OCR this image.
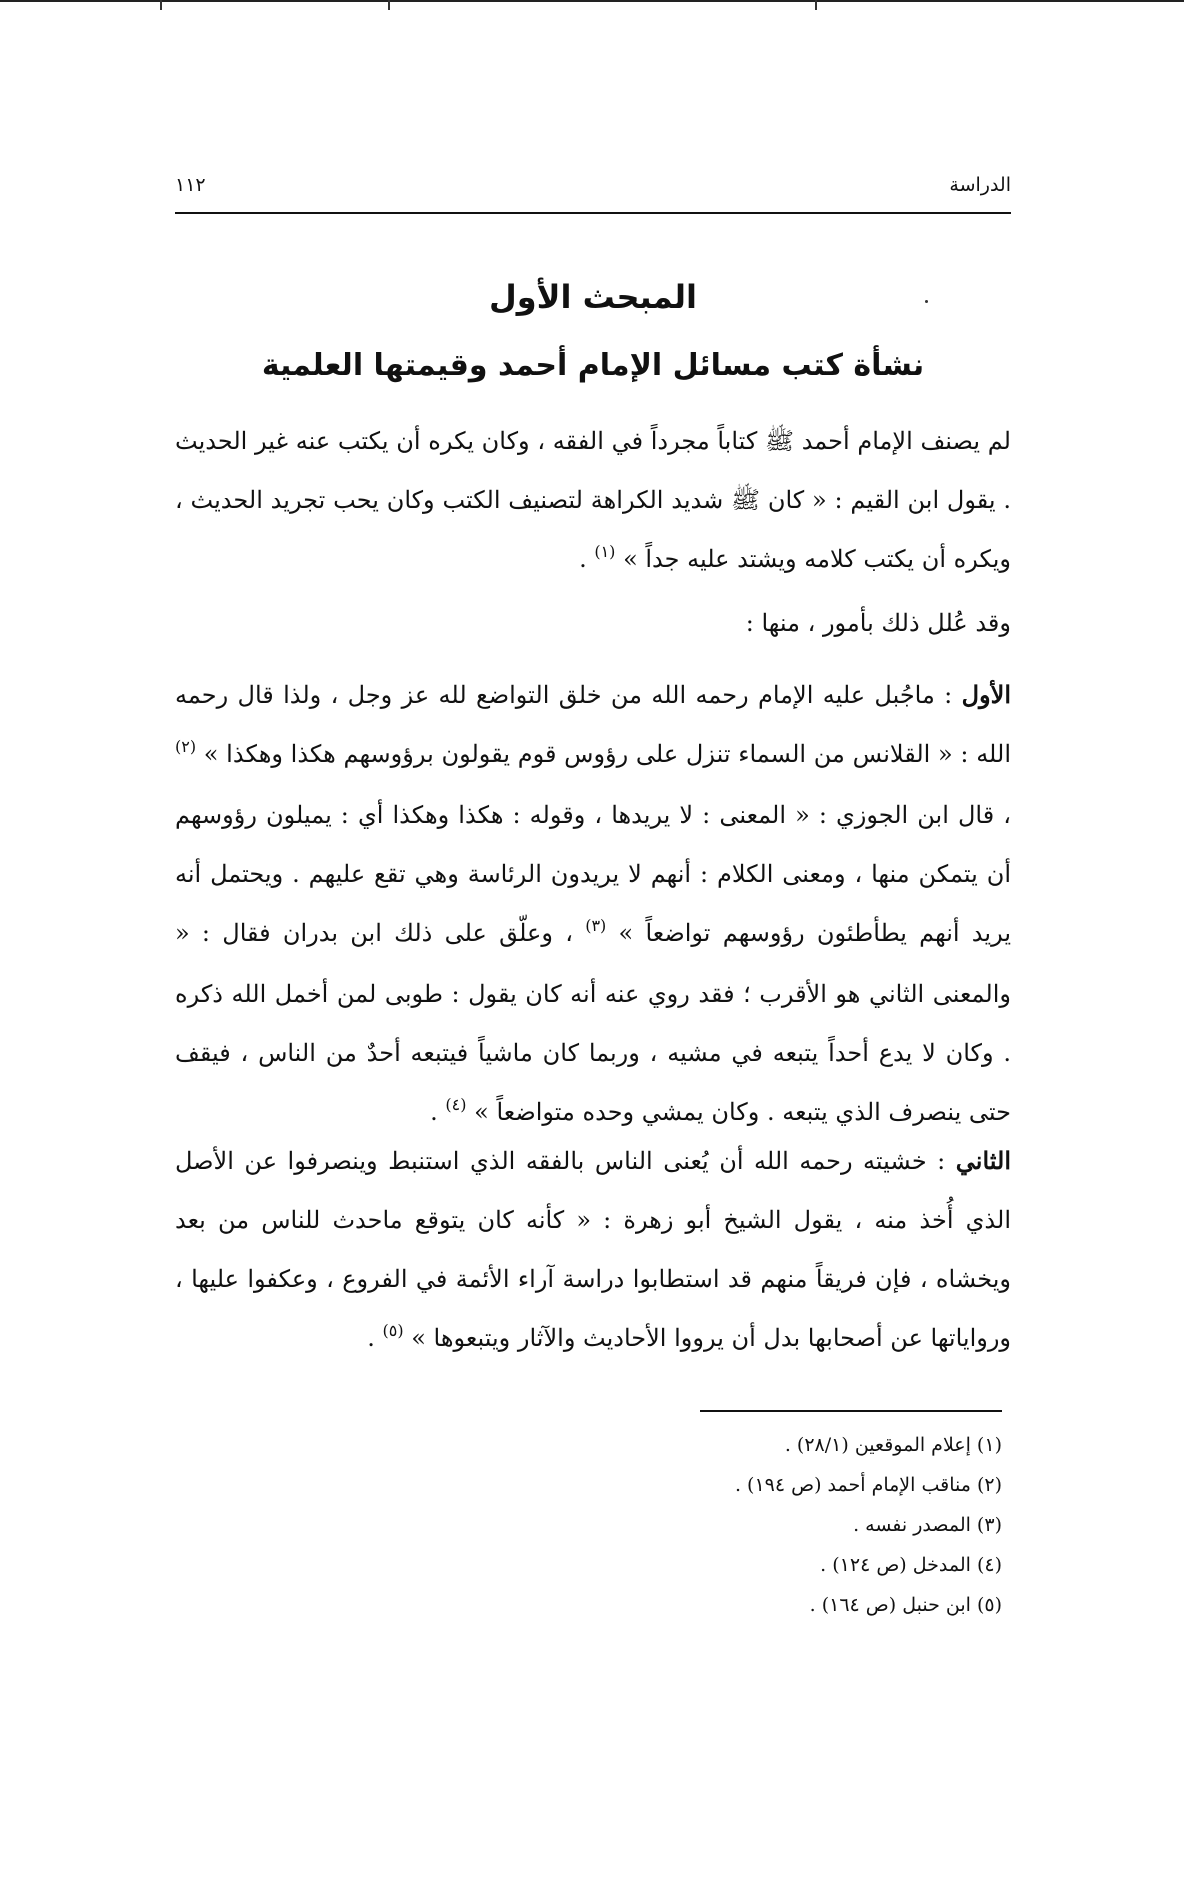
الدراسة
١١٢
المبحث الأول
نشأة كتب مسائل الإمام أحمد وقيمتها العلمية
لم يصنف الإمام أحمد ﷺ كتاباً مجرداً في الفقه ، وكان يكره أن يكتب عنه غير الحديث . يقول ابن القيم : « كان ﷺ شديد الكراهة لتصنيف الكتب وكان يحب تجريد الحديث ، ويكره أن يكتب كلامه ويشتد عليه جداً » $^{(١)}$ .
وقد عُلل ذلك بأمور ، منها :
الأول : ماجُبل عليه الإمام رحمه الله من خلق التواضع لله عز وجل ، ولذا قال رحمه الله : « القلانس من السماء تنزل على رؤوس قوم يقولون برؤوسهم هكذا وهكذا » $^{(٢)}$ ، قال ابن الجوزي : « المعنى : لا يريدها ، وقوله : هكذا وهكذا أي : يميلون رؤوسهم أن يتمكن منها ، ومعنى الكلام : أنهم لا يريدون الرئاسة وهي تقع عليهم . ويحتمل أنه يريد أنهم يطأطئون رؤوسهم تواضعاً » $^{(٣)}$ ، وعلّق على ذلك ابن بدران فقال : « والمعنى الثاني هو الأقرب ؛ فقد روي عنه أنه كان يقول : طوبى لمن أخمل الله ذكره . وكان لا يدع أحداً يتبعه في مشيه ، وربما كان ماشياً فيتبعه أحدٌ من الناس ، فيقف حتى ينصرف الذي يتبعه . وكان يمشي وحده متواضعاً » $^{(٤)}$ .
الثاني : خشيته رحمه الله أن يُعنى الناس بالفقه الذي استنبط وينصرفوا عن الأصل الذي أُخذ منه ، يقول الشيخ أبو زهرة : « كأنه كان يتوقع ماحدث للناس من بعد ويخشاه ، فإن فريقاً منهم قد استطابوا دراسة آراء الأئمة في الفروع ، وعكفوا عليها ، ورواياتها عن أصحابها بدل أن يرووا الأحاديث والآثار ويتبعوها » $^{(٥)}$ .
(١) إعلام الموقعين (٢٨/١) .
(٢) مناقب الإمام أحمد (ص ١٩٤) .
(٣) المصدر نفسه .
(٤) المدخل (ص ١٢٤) .
(٥) ابن حنبل (ص ١٦٤) .
